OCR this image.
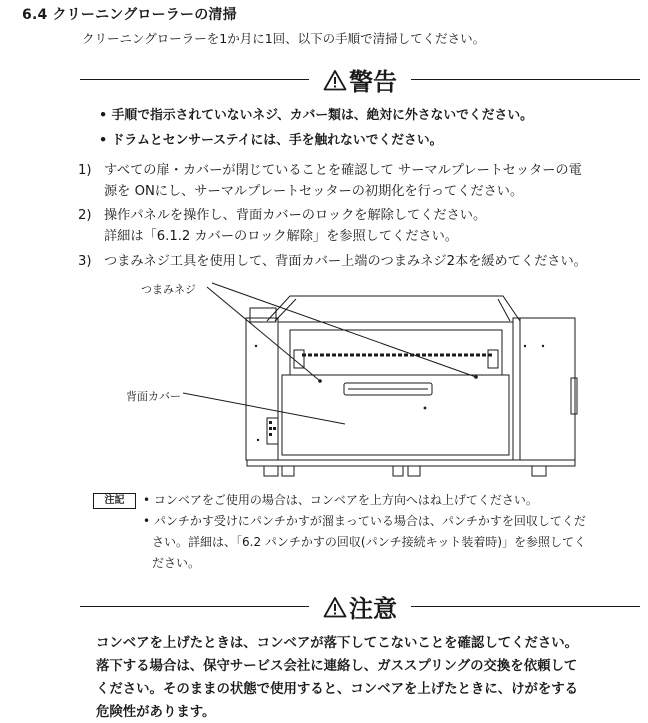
6.4 クリーニングローラーの清掃
クリーニングローラーを1か月に1回、以下の手順で清掃してください。
警告
• 手順で指示されていないネジ、カバー類は、絶対に外さないでください。
• ドラムとセンサーステイには、手を触れないでください。
1) すべての扉・カバーが閉じていることを確認して サーマルプレートセッターの電
源を ONにし、サーマルプレートセッターの初期化を行ってください。
2) 操作パネルを操作し、背面カバーのロックを解除してください。
詳細は「6.1.2 カバーのロック解除」を参照してください。
3) つまみネジ工具を使用して、背面カバー上端のつまみネジ2本を緩めてください。
つまみネジ
背面カバー
注記	• コンベアをご使用の場合は、コンベアを上方向へはね上げてください。
• パンチかす受けにパンチかすが溜まっている場合は、パンチかすを回収してくだ
さい。詳細は、「6.2 パンチかすの回収(パンチ接続キット装着時)」を参照してく
ださい。
注意
コンベアを上げたときは、コンベアが落下してこないことを確認してください。
落下する場合は、保守サービス会社に連絡し、ガススプリングの交換を依頼して
ください。そのままの状態で使用すると、コンベアを上げたときに、けがをする
危険性があります。
